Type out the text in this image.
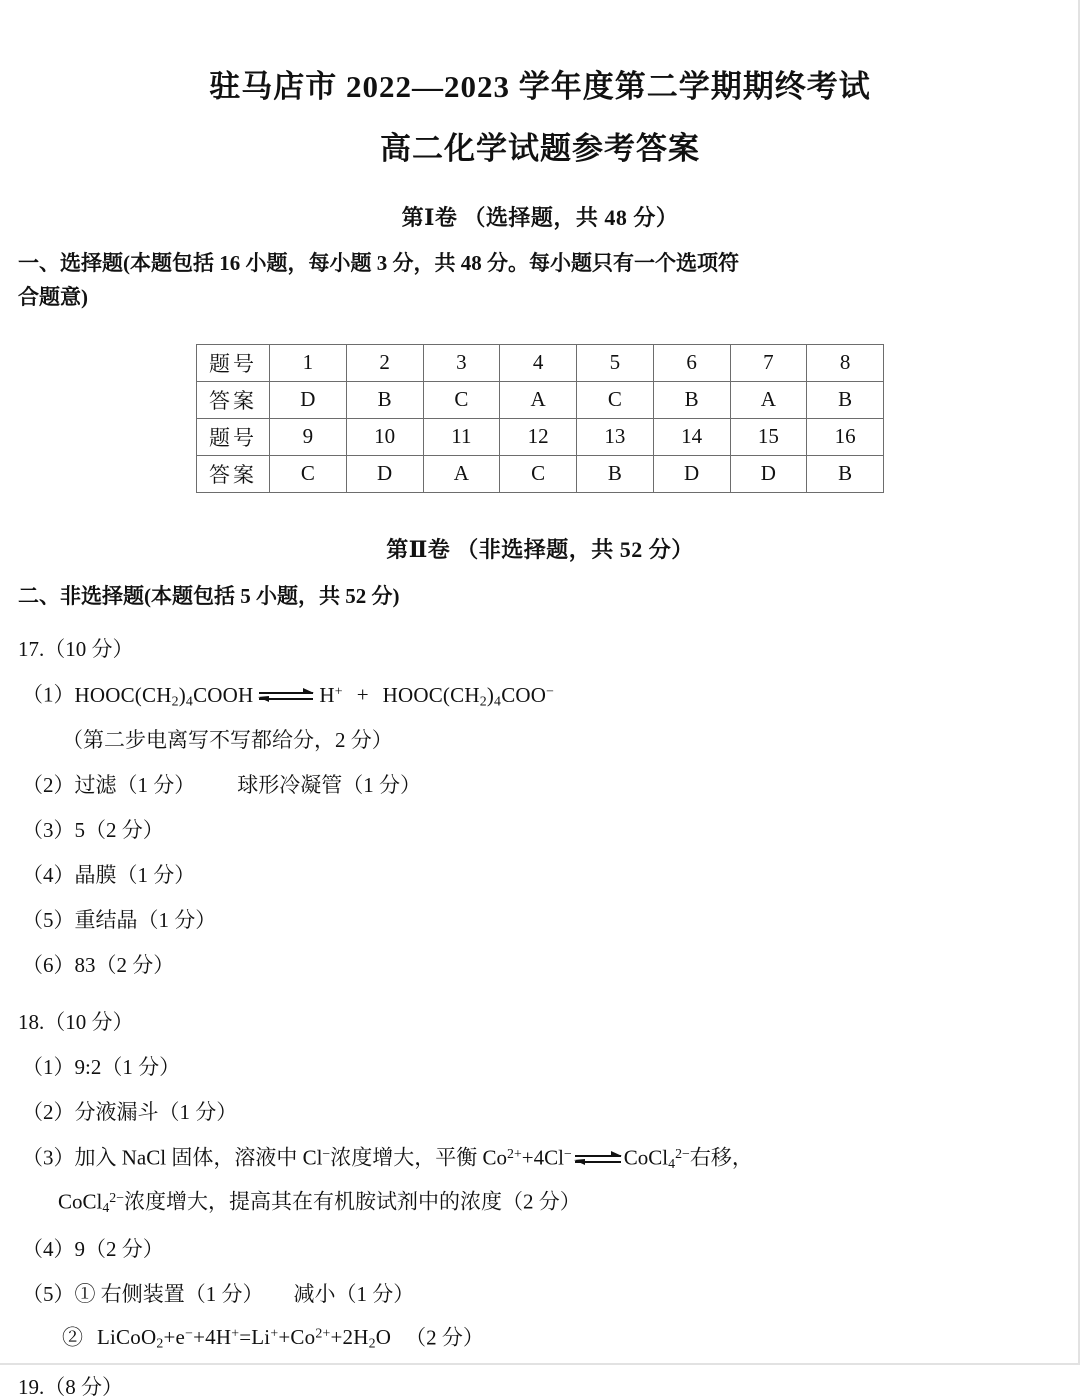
驻马店市 2022—2023 学年度第二学期期终考试
高二化学试题参考答案
第Ⅰ卷 （选择题，共 48 分）
一、选择题(本题包括 16 小题，每小题 3 分，共 48 分。每小题只有一个选项符
合题意)
题号	1	2	3	4	5	6	7	8
答案	D	B	C	A	C	B	A	B
题号	9	10	11	12	13	14	15	16
答案	C	D	A	C	B	D	D	B
第Ⅱ卷 （非选择题，共 52 分）
二、非选择题(本题包括 5 小题，共 52 分)
17.（10 分）
$(1)HOOC(CH_2)_4COOH$	$H^+ + HOOC(CH_2)_4COO^-$
（第二步电离写不写都给分，2 分）
（2）过滤（1 分） 球形冷凝管（1 分）
（3）5（2 分）
（4）晶膜（1 分）
（5）重结晶（1 分）
（6）83（2 分）
18.（10 分）
（1）9:2（1 分）
（2）分液漏斗（1 分）
（3）加入 NaCl 固体，溶液中 Cl−浓度增大，平衡 $Co^{2+}+4Cl^-$ CoCl$_4^{2-}$右移，
CoCl$_4^{2-}$浓度增大，提高其在有机胺试剂中的浓度（2 分）
（4）9（2 分）
（5）① 右侧装置（1 分） 减小（1 分）
② $LiCoO_2+e^-+4H^+=Li^++Co^{2+}+2H_2O$ （2 分）
19.（8 分）
